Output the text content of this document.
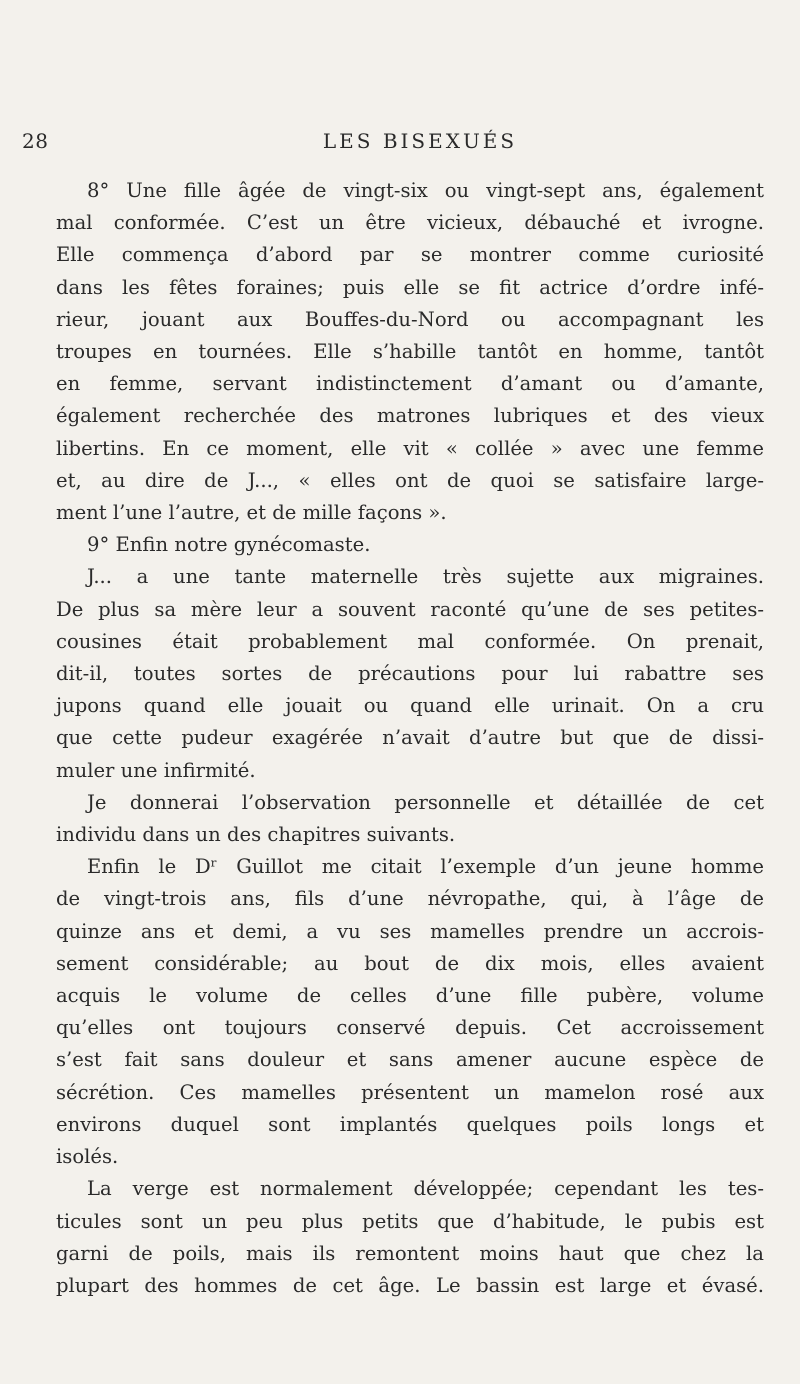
28	LES BISEXUÉS
8° Une fille âgée de vingt-six ou vingt-sept ans, également
mal conformée. C’est un être vicieux, débauché et ivrogne.
Elle commença d’abord par se montrer comme curiosité
dans les fêtes foraines; puis elle se fit actrice d’ordre infé-
rieur, jouant aux Bouffes-du-Nord ou accompagnant les
troupes en tournées. Elle s’habille tantôt en homme, tantôt
en femme, servant indistinctement d’amant ou d’amante,
également recherchée des matrones lubriques et des vieux
libertins. En ce moment, elle vit « collée » avec une femme
et, au dire de J..., « elles ont de quoi se satisfaire large-
ment l’une l’autre, et de mille façons ».
9° Enfin notre gynécomaste.
J... a une tante maternelle très sujette aux migraines.
De plus sa mère leur a souvent raconté qu’une de ses petites-
cousines était probablement mal conformée. On prenait,
dit-il, toutes sortes de précautions pour lui rabattre ses
jupons quand elle jouait ou quand elle urinait. On a cru
que cette pudeur exagérée n’avait d’autre but que de dissi-
muler une infirmité.
Je donnerai l’observation personnelle et détaillée de cet
individu dans un des chapitres suivants.
Enfin le Dʳ Guillot me citait l’exemple d’un jeune homme
de vingt-trois ans, fils d’une névropathe, qui, à l’âge de
quinze ans et demi, a vu ses mamelles prendre un accrois-
sement considérable; au bout de dix mois, elles avaient
acquis le volume de celles d’une fille pubère, volume
qu’elles ont toujours conservé depuis. Cet accroissement
s’est fait sans douleur et sans amener aucune espèce de
sécrétion. Ces mamelles présentent un mamelon rosé aux
environs duquel sont implantés quelques poils longs et
isolés.
La verge est normalement développée; cependant les tes-
ticules sont un peu plus petits que d’habitude, le pubis est
garni de poils, mais ils remontent moins haut que chez la
plupart des hommes de cet âge. Le bassin est large et évasé.
